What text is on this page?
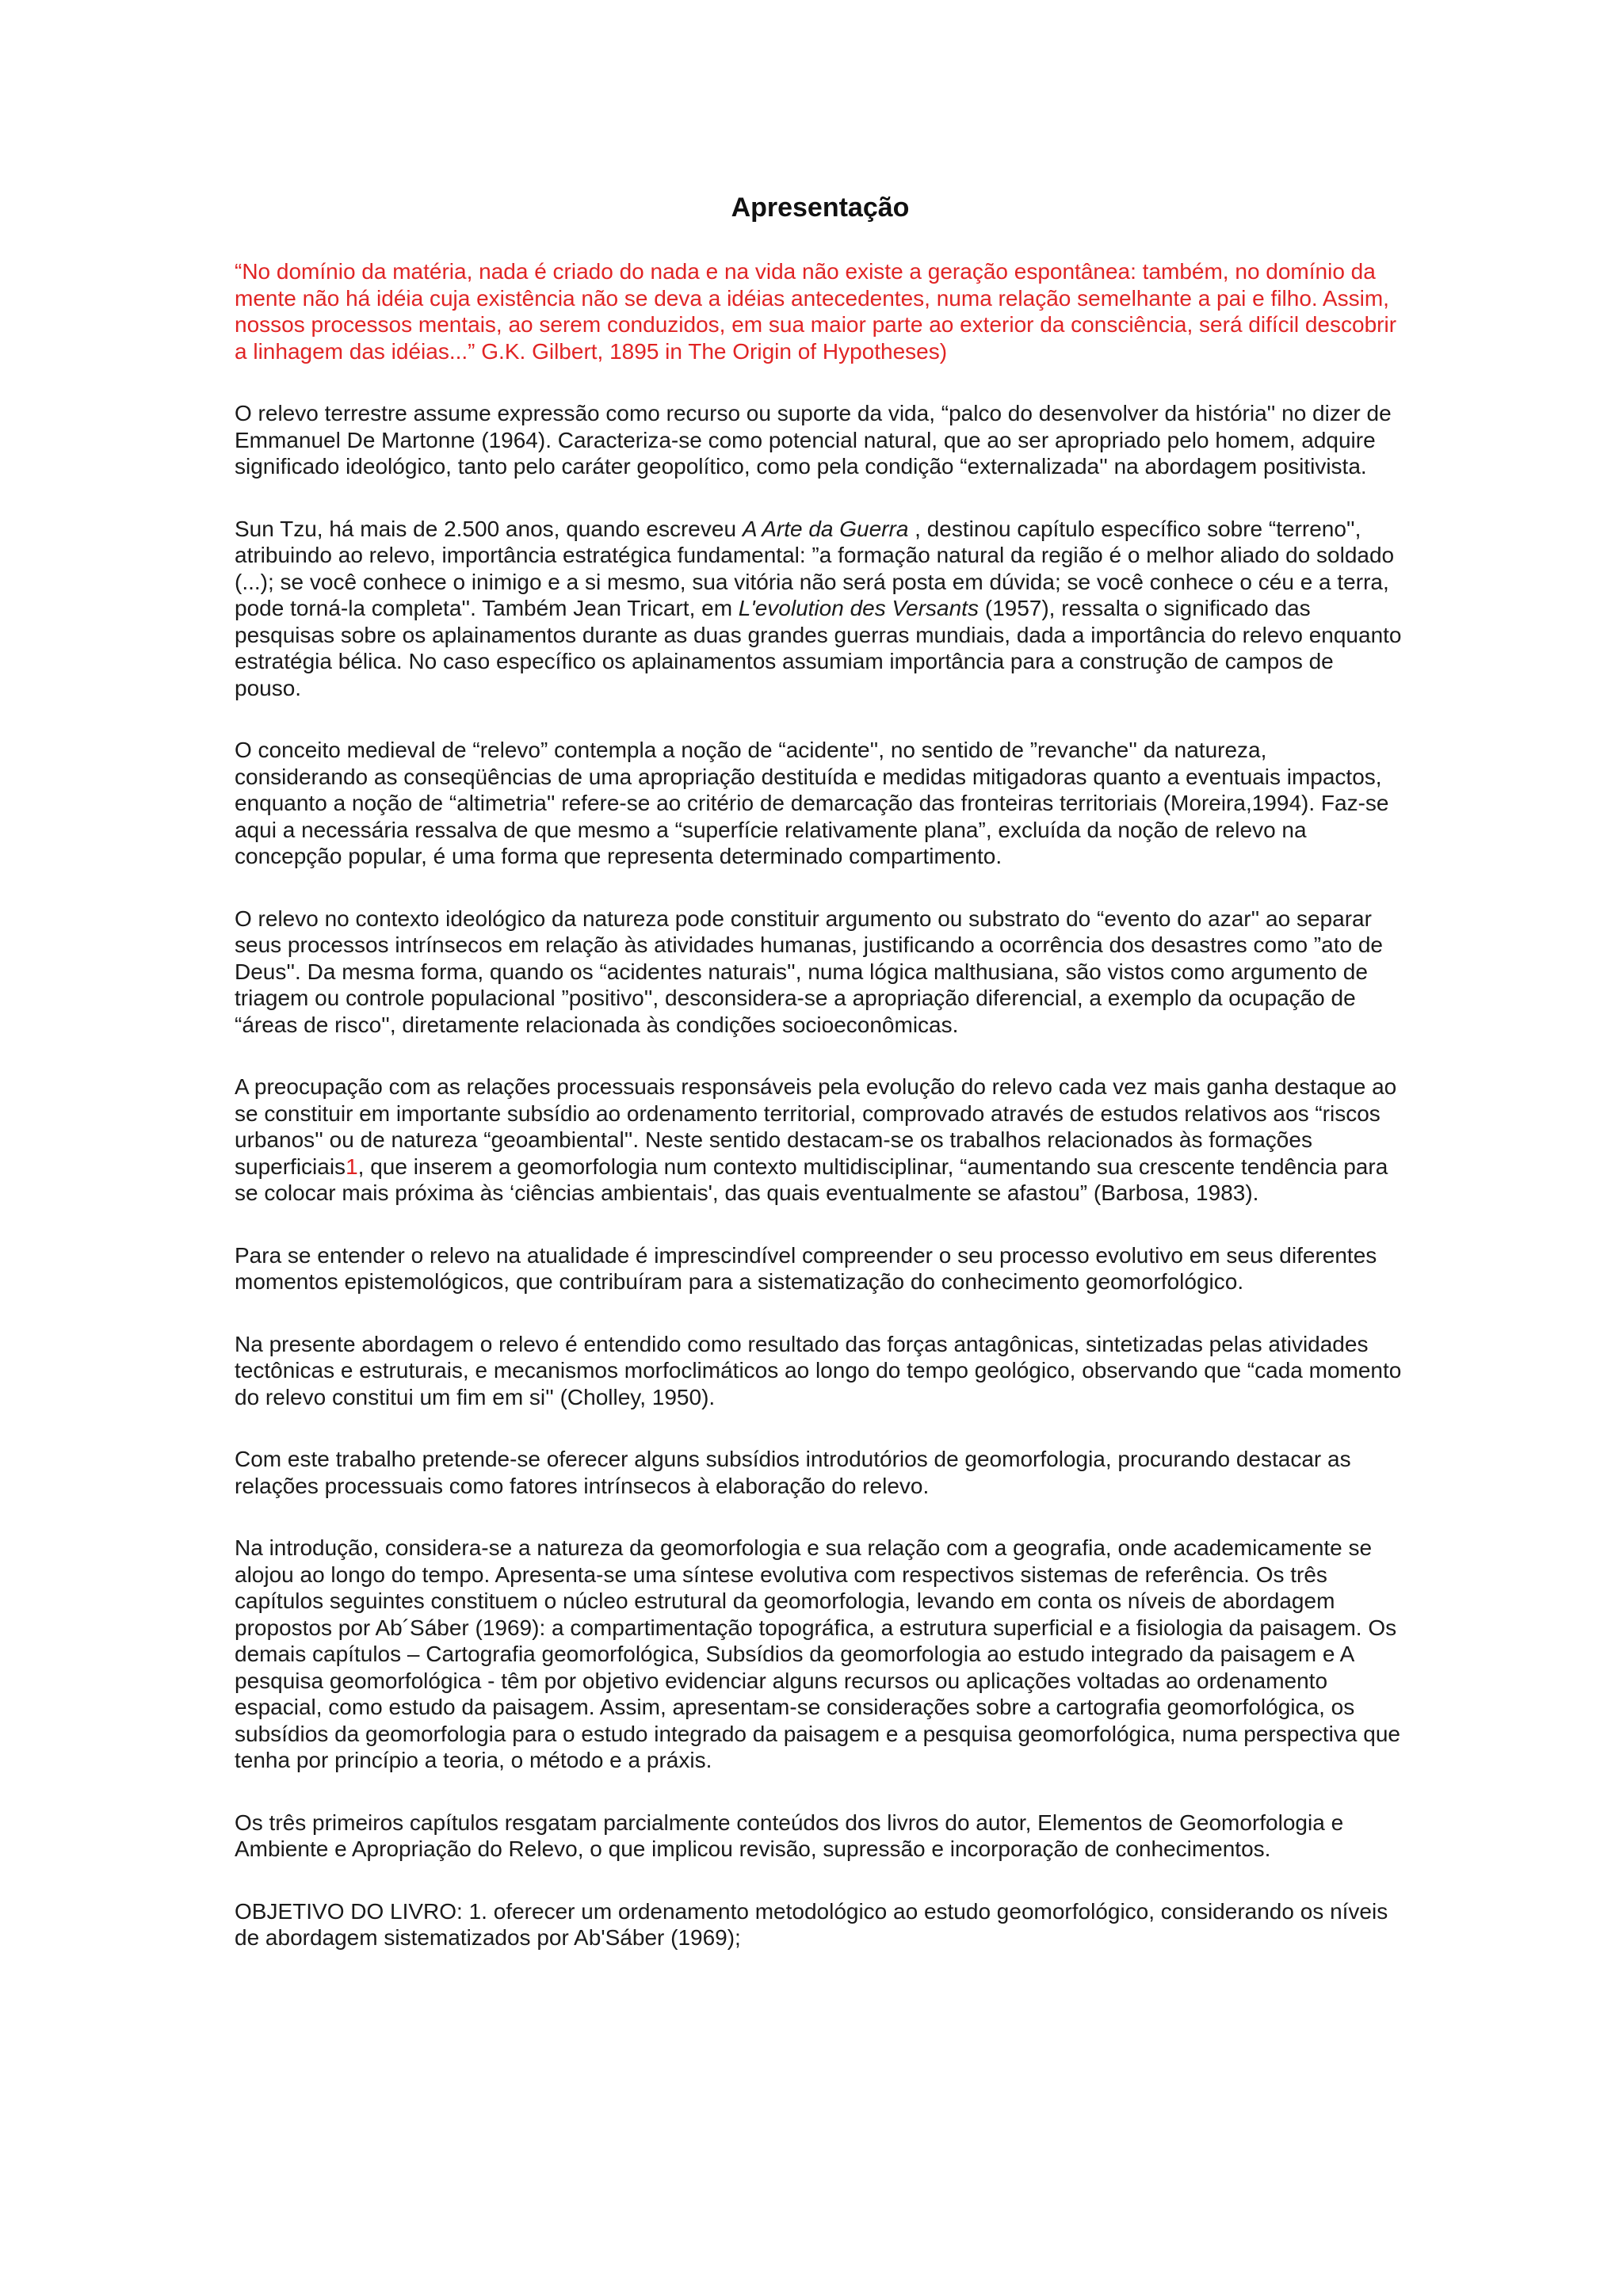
Apresentação

“No domínio da matéria, nada é criado do nada e na vida não existe a geração espontânea: também, no domínio da mente não há idéia cuja existência não se deva a idéias antecedentes, numa relação semelhante a pai e filho. Assim, nossos processos mentais, ao serem conduzidos, em sua maior parte ao exterior da consciência, será difícil descobrir a linhagem das idéias...” G.K. Gilbert, 1895 in The Origin of Hypotheses)

O relevo terrestre assume expressão como recurso ou suporte da vida, “palco do desenvolver da história'' no dizer de Emmanuel De Martonne (1964). Caracteriza-se como potencial natural, que ao ser apropriado pelo homem, adquire significado ideológico, tanto pelo caráter geopolítico, como pela condição “externalizada'' na abordagem positivista.

Sun Tzu, há mais de 2.500 anos, quando escreveu A Arte da Guerra , destinou capítulo específico sobre “terreno'', atribuindo ao relevo, importância estratégica fundamental: ”a formação natural da região é o melhor aliado do soldado (...); se você conhece o inimigo e a si mesmo, sua vitória não será posta em dúvida; se você conhece o céu e a terra, pode torná-la completa''. Também Jean Tricart, em L'evolution des Versants (1957), ressalta o significado das pesquisas sobre os aplainamentos durante as duas grandes guerras mundiais, dada a importância do relevo enquanto estratégia bélica. No caso específico os aplainamentos assumiam importância para a construção de campos de pouso.

O conceito medieval de “relevo” contempla a noção de “acidente'', no sentido de ”revanche'' da natureza, considerando as conseqüências de uma apropriação destituída e medidas mitigadoras quanto a eventuais impactos, enquanto a noção de “altimetria'' refere-se ao critério de demarcação das fronteiras territoriais (Moreira,1994). Faz-se aqui a necessária ressalva de que mesmo a “superfície relativamente plana”, excluída da noção de relevo na concepção popular, é uma forma que representa determinado compartimento.

O relevo no contexto ideológico da natureza pode constituir argumento ou substrato do “evento do azar'' ao separar seus processos intrínsecos em relação às atividades humanas, justificando a ocorrência dos desastres como ”ato de Deus''. Da mesma forma, quando os “acidentes naturais'', numa lógica malthusiana, são vistos como argumento de triagem ou controle populacional ”positivo'', desconsidera-se a apropriação diferencial, a exemplo da ocupação de “áreas de risco'', diretamente relacionada às condições socioeconômicas.

A preocupação com as relações processuais responsáveis pela evolução do relevo cada vez mais ganha destaque ao se constituir em importante subsídio ao ordenamento territorial, comprovado através de estudos relativos aos “riscos urbanos'' ou de natureza “geoambiental''. Neste sentido destacam-se os trabalhos relacionados às formações superficiais1, que inserem a geomorfologia num contexto multidisciplinar, “aumentando sua crescente tendência para se colocar mais próxima às ‘ciências ambientais', das quais eventualmente se afastou” (Barbosa, 1983).

Para se entender o relevo na atualidade é imprescindível compreender o seu processo evolutivo em seus diferentes momentos epistemológicos, que contribuíram para a sistematização do conhecimento geomorfológico.

Na presente abordagem o relevo é entendido como resultado das forças antagônicas, sintetizadas pelas atividades tectônicas e estruturais, e mecanismos morfoclimáticos ao longo do tempo geológico, observando que “cada momento do relevo constitui um fim em si'' (Cholley, 1950).

Com este trabalho pretende-se oferecer alguns subsídios introdutórios de geomorfologia, procurando destacar as relações processuais como fatores intrínsecos à elaboração do relevo.

Na introdução, considera-se a natureza da geomorfologia e sua relação com a geografia, onde academicamente se alojou ao longo do tempo. Apresenta-se uma síntese evolutiva com respectivos sistemas de referência. Os três capítulos seguintes constituem o núcleo estrutural da geomorfologia, levando em conta os níveis de abordagem propostos por Ab´Sáber (1969): a compartimentação topográfica, a estrutura superficial e a fisiologia da paisagem. Os demais capítulos – Cartografia geomorfológica, Subsídios da geomorfologia ao estudo integrado da paisagem e A pesquisa geomorfológica - têm por objetivo evidenciar alguns recursos ou aplicações voltadas ao ordenamento espacial, como estudo da paisagem. Assim, apresentam-se considerações sobre a cartografia geomorfológica, os subsídios da geomorfologia para o estudo integrado da paisagem e a pesquisa geomorfológica, numa perspectiva que tenha por princípio a teoria, o método e a práxis.

Os três primeiros capítulos resgatam parcialmente conteúdos dos livros do autor, Elementos de Geomorfologia e Ambiente e Apropriação do Relevo, o que implicou revisão, supressão e incorporação de conhecimentos.

OBJETIVO DO LIVRO: 1. oferecer um ordenamento metodológico ao estudo geomorfológico, considerando os níveis de abordagem sistematizados por Ab'Sáber (1969);
